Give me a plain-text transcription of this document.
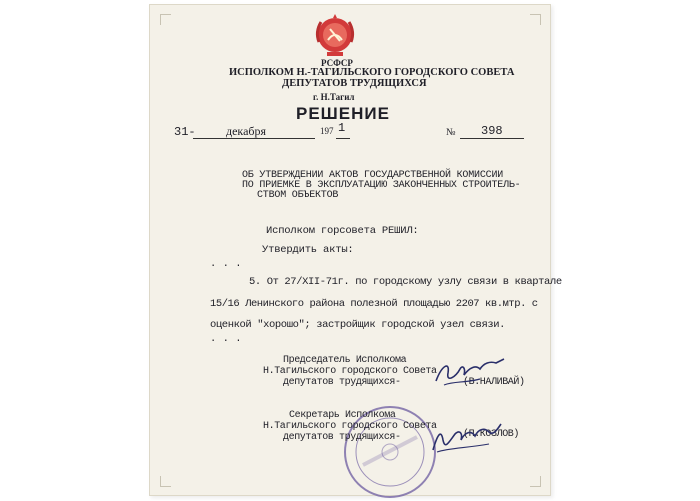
РСФСР
ИСПОЛКОМ Н.-ТАГИЛЬСКОГО ГОРОДСКОГО СОВЕТА
ДЕПУТАТОВ ТРУДЯЩИХСЯ
г. Н.Тагил
РЕШЕНИЕ
31-	декабря	197 1	№ 398
ОБ УТВЕРЖДЕНИИ АКТОВ ГОСУДАРСТВЕННОЙ КОМИССИИ
ПО ПРИЕМКЕ В ЭКСПЛУАТАЦИЮ ЗАКОНЧЕННЫХ СТРОИТЕЛЬ-
СТВОМ ОБЪЕКТОВ
Исполком горсовета РЕШИЛ:
Утвердить акты:
. . .
5. От 27/XII-71г. по городскому узлу связи в квартале
15/16 Ленинского района полезной площадью 2207 кв.мтр. с
оценкой "хорошо"; застройщик городской узел связи.
. . .
Председатель Исполкома
Н.Тагильского городского Совета
депутатов трудящихся-	(В.НАЛИВАЙ)
Секретарь Исполкома
Н.Тагильского городского Совета
депутатов трудящихся-	(П.КОЗЛОВ)
